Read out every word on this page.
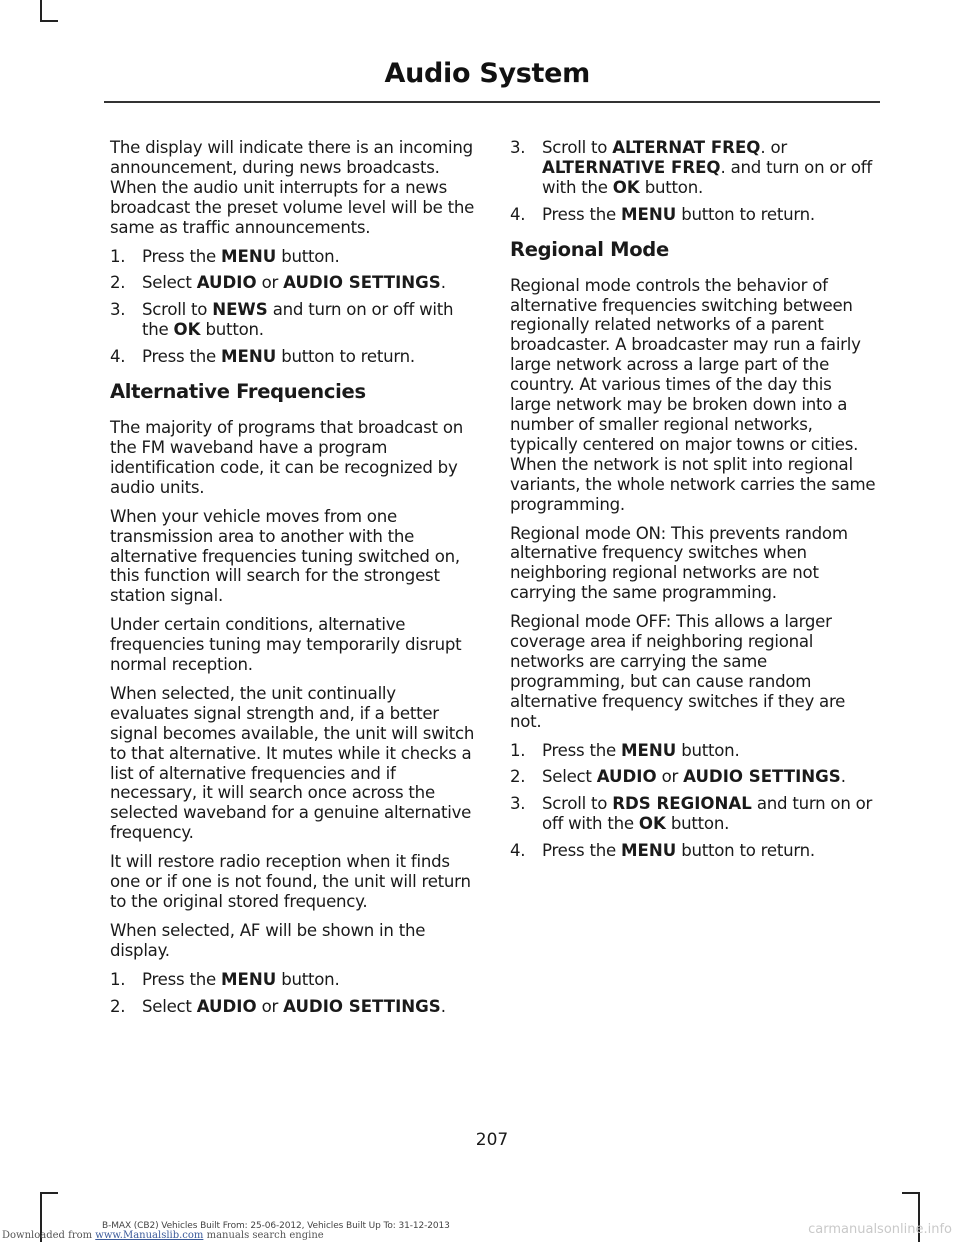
Audio System

The display will indicate there is an incoming announcement, during news broadcasts. When the audio unit interrupts for a news broadcast the preset volume level will be the same as traffic announcements.

1. Press the MENU button.
2. Select AUDIO or AUDIO SETTINGS.
3. Scroll to NEWS and turn on or off with the OK button.
4. Press the MENU button to return.
Alternative Frequencies

The majority of programs that broadcast on the FM waveband have a program identification code, it can be recognized by audio units.

When your vehicle moves from one transmission area to another with the alternative frequencies tuning switched on, this function will search for the strongest station signal.

Under certain conditions, alternative frequencies tuning may temporarily disrupt normal reception.

When selected, the unit continually evaluates signal strength and, if a better signal becomes available, the unit will switch to that alternative. It mutes while it checks a list of alternative frequencies and if necessary, it will search once across the selected waveband for a genuine alternative frequency.

It will restore radio reception when it finds one or if one is not found, the unit will return to the original stored frequency.

When selected, AF will be shown in the display.

1. Press the MENU button.
2. Select AUDIO or AUDIO SETTINGS.
3. Scroll to ALTERNAT FREQ. or ALTERNATIVE FREQ. and turn on or off with the OK button.
4. Press the MENU button to return.
Regional Mode

Regional mode controls the behavior of alternative frequencies switching between regionally related networks of a parent broadcaster. A broadcaster may run a fairly large network across a large part of the country. At various times of the day this large network may be broken down into a number of smaller regional networks, typically centered on major towns or cities. When the network is not split into regional variants, the whole network carries the same programming.

Regional mode ON: This prevents random alternative frequency switches when neighboring regional networks are not carrying the same programming.

Regional mode OFF: This allows a larger coverage area if neighboring regional networks are carrying the same programming, but can cause random alternative frequency switches if they are not.

1. Press the MENU button.
2. Select AUDIO or AUDIO SETTINGS.
3. Scroll to RDS REGIONAL and turn on or off with the OK button.
4. Press the MENU button to return.
207
B-MAX (CB2) Vehicles Built From: 25-06-2012, Vehicles Built Up To: 31-12-2013
Downloaded from www.Manualslib.com manuals search engine	carmanualsonline.info
